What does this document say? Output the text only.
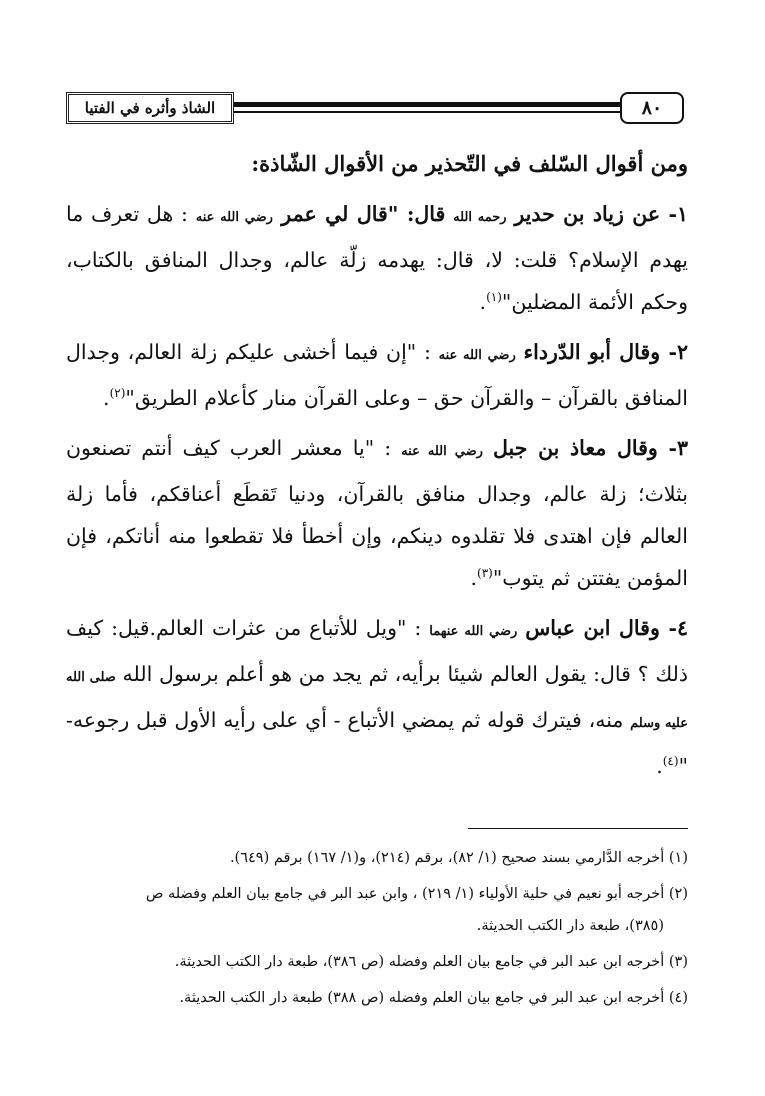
الشاذ وأثره في الفتيا	٨٠

ومن أقوال السّلف في التّحذير من الأقوال الشّاذة:

١- عن زياد بن حدير رحمه الله قال: "قال لي عمر رضي الله عنه : هل تعرف ما يهدم الإسلام؟ قلت: لا، قال: يهدمه زلّة عالم، وجدال المنافق بالكتاب، وحكم الأئمة المضلين"$^{(١)}$.

٢- وقال أبو الدّرداء رضي الله عنه : "إن فيما أخشى عليكم زلة العالم، وجدال المنافق بالقرآن – والقرآن حق – وعلى القرآن منار كأعلام الطريق"$^{(٢)}$.

٣- وقال معاذ بن جبل رضي الله عنه : "يا معشر العرب كيف أنتم تصنعون بثلاث؛ زلة عالم، وجدال منافق بالقرآن، ودنيا تَقطَع أعناقكم، فأما زلة العالم فإن اهتدى فلا تقلدوه دينكم، وإن أخطأ فلا تقطعوا منه أناتكم، فإن المؤمن يفتتن ثم يتوب"$^{(٣)}$.

٤- وقال ابن عباس رضي الله عنهما : "ويل للأتباع من عثرات العالم.قيل: كيف ذلك ؟ قال: يقول العالم شيئا برأيه، ثم يجد من هو أعلم برسول الله صلى الله عليه وسلم منه، فيترك قوله ثم يمضي الأتباع - أي على رأيه الأول قبل رجوعه-"$^{(٤)}$.

(١) أخرجه الدَّارمي بسند صحيح (١/ ٨٢)، برقم (٢١٤)، و(١/ ١٦٧) برقم (٦٤٩).

(٢) أخرجه أبو نعيم في حلية الأولياء (١/ ٢١٩) ، وابن عبد البر في جامع بيان العلم وفضله ص
(٣٨٥)، طبعة دار الكتب الحديثة.

(٣) أخرجه ابن عبد البر في جامع بيان العلم وفضله (ص ٣٨٦)، طبعة دار الكتب الحديثة.

(٤) أخرجه ابن عبد البر في جامع بيان العلم وفضله (ص ٣٨٨) طبعة دار الكتب الحديثة.
